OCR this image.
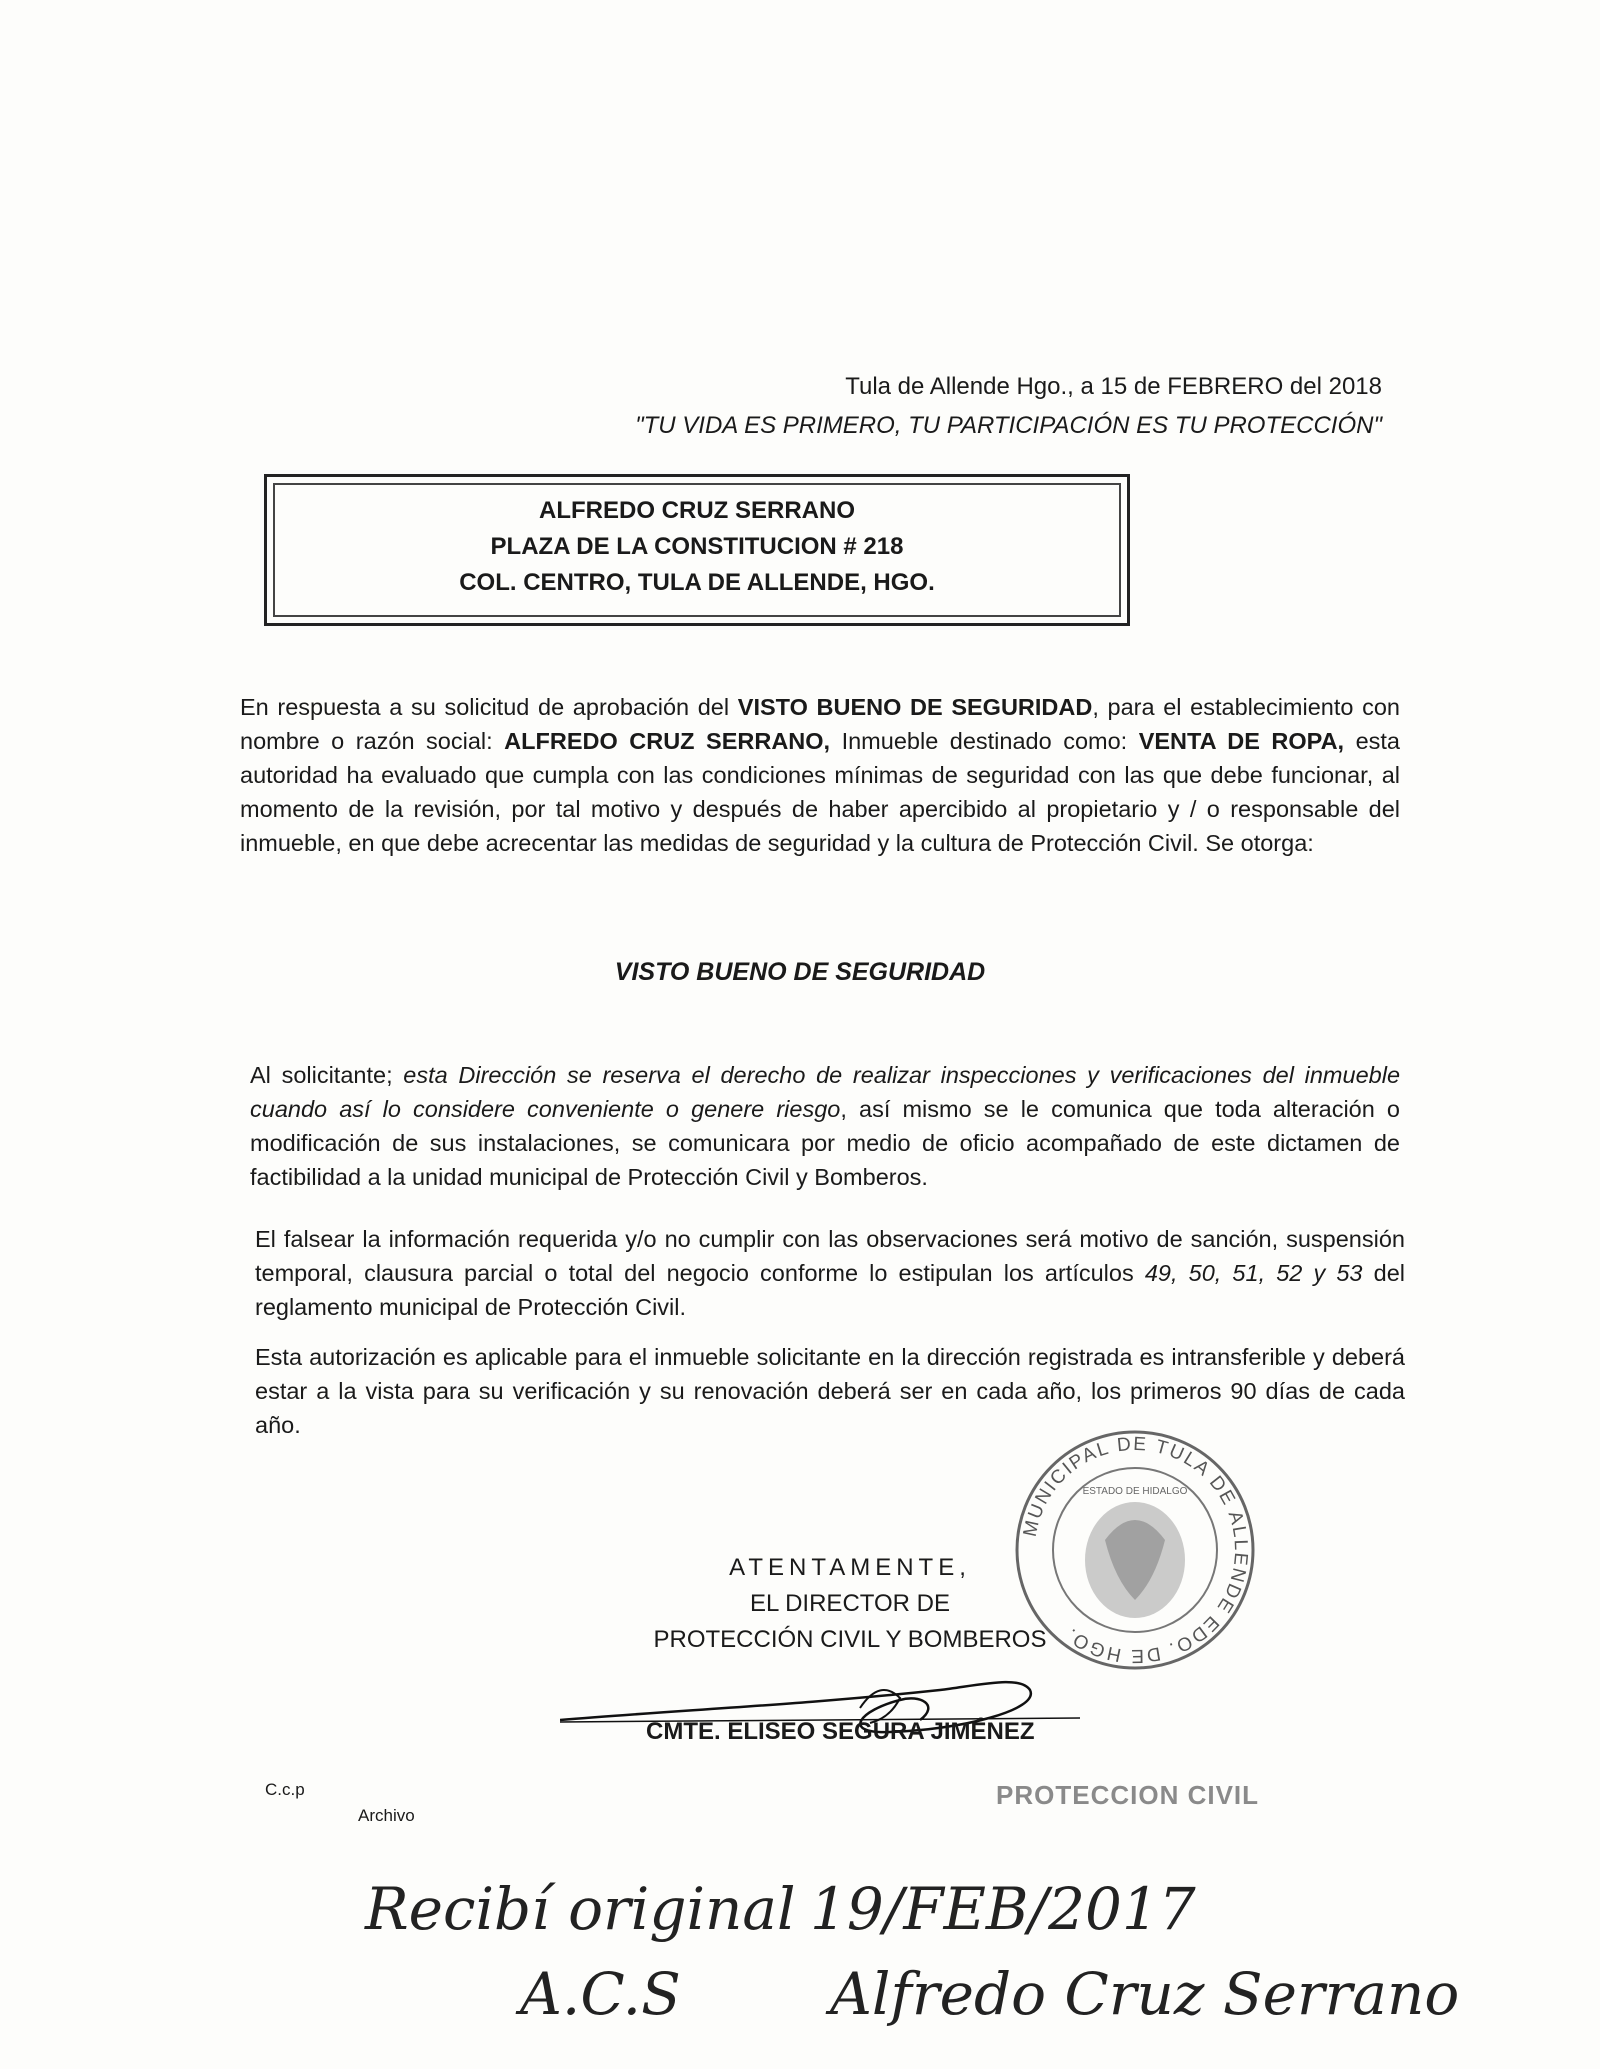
Tula de Allende Hgo., a 15 de FEBRERO del 2018
"TU VIDA ES PRIMERO, TU PARTICIPACIÓN ES TU PROTECCIÓN"
ALFREDO CRUZ SERRANO
PLAZA DE LA CONSTITUCION # 218
COL. CENTRO, TULA DE ALLENDE, HGO.
En respuesta a su solicitud de aprobación del VISTO BUENO DE SEGURIDAD, para el establecimiento con nombre o razón social: ALFREDO CRUZ SERRANO, Inmueble destinado como: VENTA DE ROPA, esta autoridad ha evaluado que cumpla con las condiciones mínimas de seguridad con las que debe funcionar, al momento de la revisión, por tal motivo y después de haber apercibido al propietario y / o responsable del inmueble, en que debe acrecentar las medidas de seguridad y la cultura de Protección Civil. Se otorga:
VISTO BUENO DE SEGURIDAD
Al solicitante; esta Dirección se reserva el derecho de realizar inspecciones y verificaciones del inmueble cuando así lo considere conveniente o genere riesgo, así mismo se le comunica que toda alteración o modificación de sus instalaciones, se comunicara por medio de oficio acompañado de este dictamen de factibilidad a la unidad municipal de Protección Civil y Bomberos.
El falsear la información requerida y/o no cumplir con las observaciones será motivo de sanción, suspensión temporal, clausura parcial o total del negocio conforme lo estipulan los artículos 49, 50, 51, 52 y 53 del reglamento municipal de Protección Civil.
Esta autorización es aplicable para el inmueble solicitante en la dirección registrada es intransferible y deberá estar a la vista para su verificación y su renovación deberá ser en cada año, los primeros 90 días de cada año.
MUNICIPAL DE TULA DE ALLENDE EDO. DE HGO.
ESTADO DE HIDALGO
ATENTAMENTE,
EL DIRECTOR DE
PROTECCIÓN CIVIL Y BOMBEROS
CMTE. ELISEO SEGURA JIMÉNEZ
C.c.p
Archivo
PROTECCION CIVIL
Recibí original 19/FEB/2017
A.C.S	Alfredo Cruz Serrano
